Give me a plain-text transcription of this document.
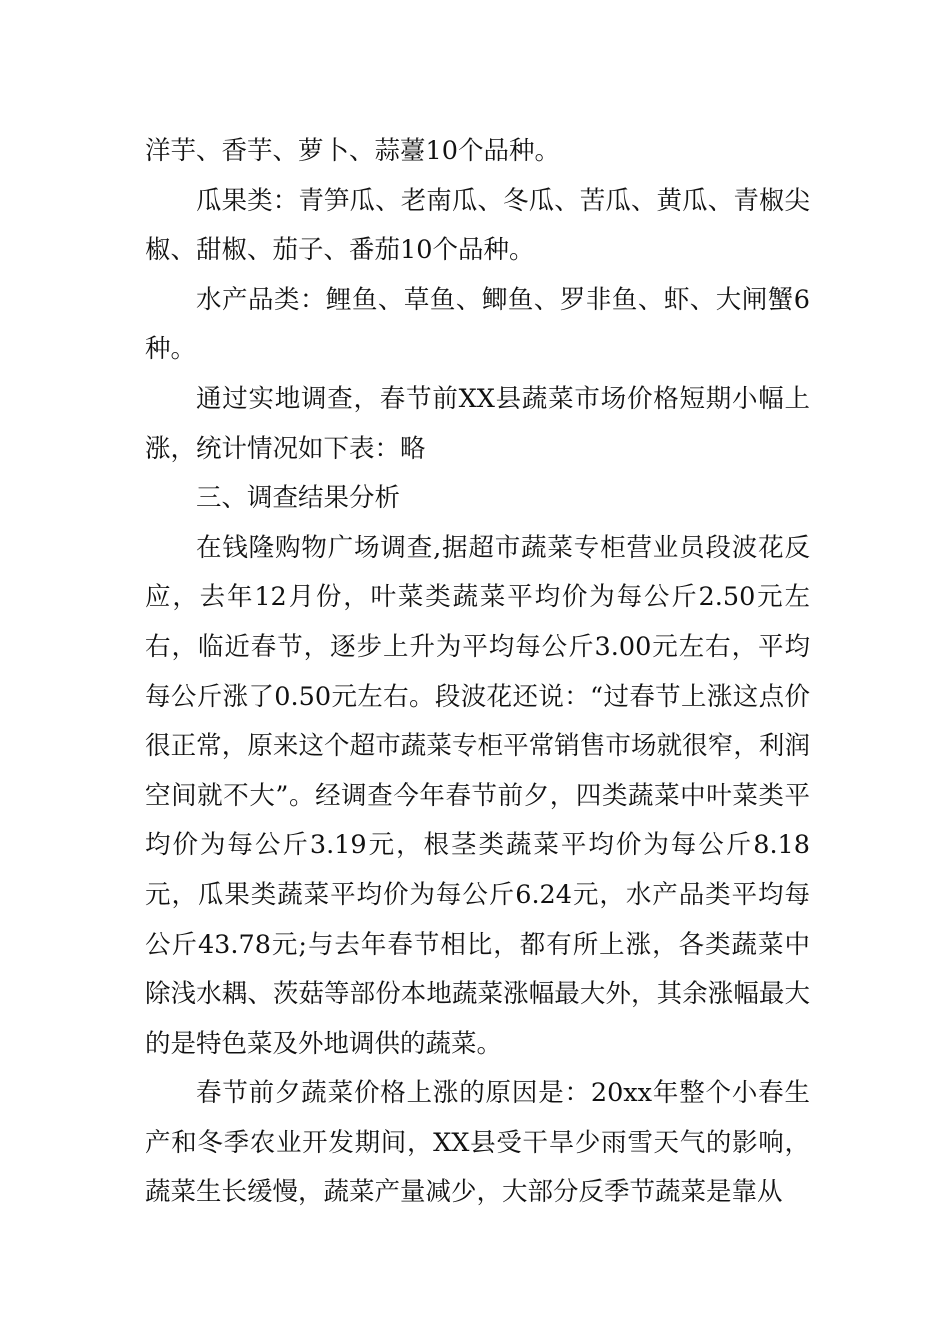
洋芋、香芋、萝卜、蒜薹10个品种。

瓜果类：青笋瓜、老南瓜、冬瓜、苦瓜、黄瓜、青椒尖椒、甜椒、茄子、番茄10个品种。

水产品类：鲤鱼、草鱼、鲫鱼、罗非鱼、虾、大闸蟹6种。

通过实地调查，春节前XX县蔬菜市场价格短期小幅上涨，统计情况如下表：略

三、调查结果分析

在钱隆购物广场调查,据超市蔬菜专柜营业员段波花反应，去年12月份，叶菜类蔬菜平均价为每公斤2.50元左右，临近春节，逐步上升为平均每公斤3.00元左右，平均每公斤涨了0.50元左右。段波花还说：“过春节上涨这点价很正常，原来这个超市蔬菜专柜平常销售市场就很窄，利润空间就不大”。经调查今年春节前夕，四类蔬菜中叶菜类平均价为每公斤3.19元，根茎类蔬菜平均价为每公斤8.18元，瓜果类蔬菜平均价为每公斤6.24元，水产品类平均每公斤43.78元;与去年春节相比，都有所上涨，各类蔬菜中除浅水耦、茨菇等部份本地蔬菜涨幅最大外，其余涨幅最大的是特色菜及外地调供的蔬菜。

春节前夕蔬菜价格上涨的原因是：20xx年整个小春生产和冬季农业开发期间，XX县受干旱少雨雪天气的影响，蔬菜生长缓慢，蔬菜产量减少，大部分反季节蔬菜是靠从
